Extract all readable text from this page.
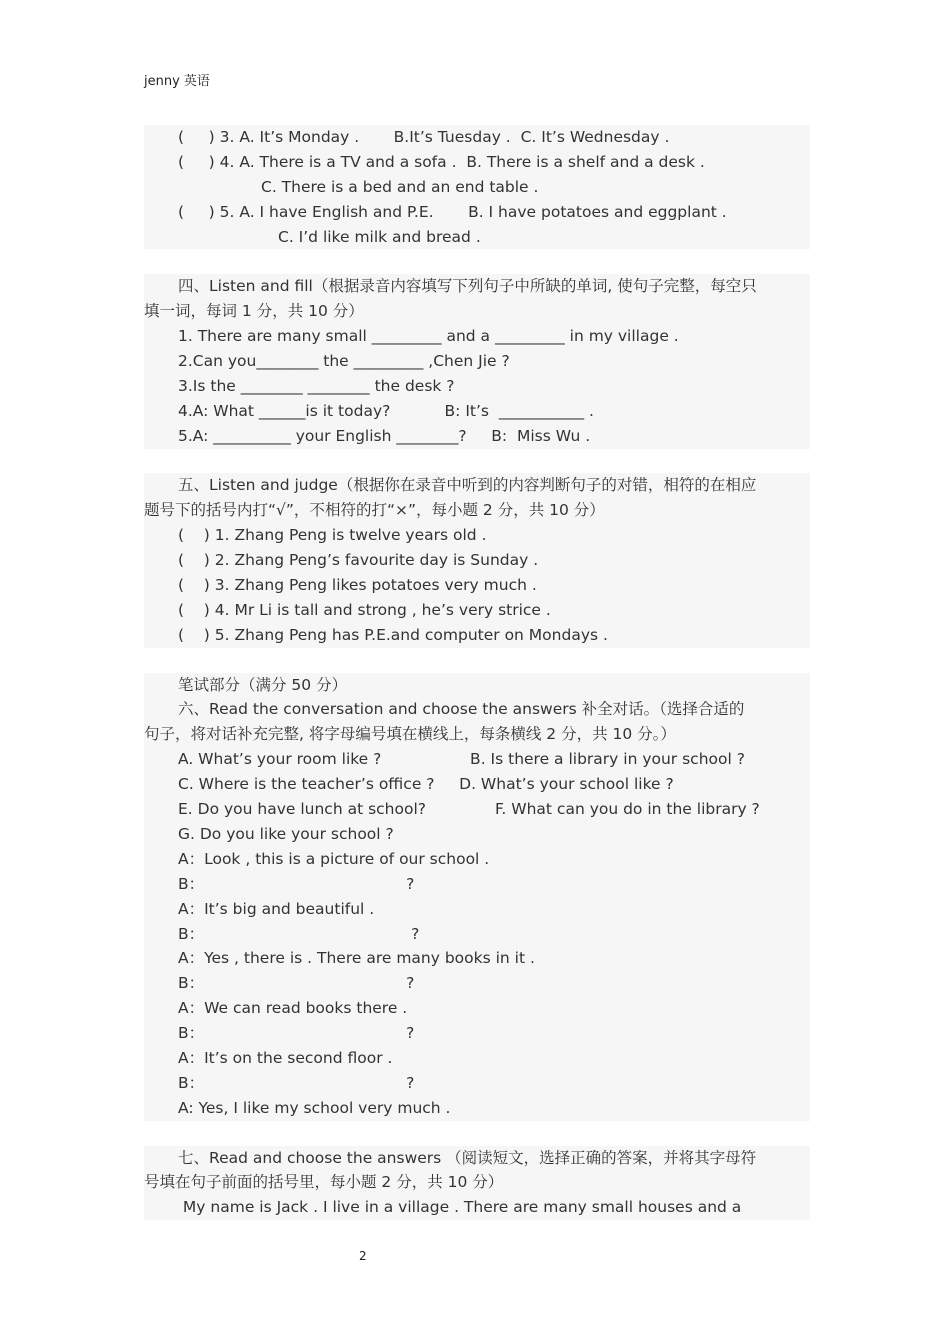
jenny 英语
(     ) 3. A. It’s Monday .       B.It’s Tuesday .  C. It’s Wednesday .
(     ) 4. A. There is a TV and a sofa .  B. There is a shelf and a desk .
C. There is a bed and an end table .
(     ) 5. A. I have English and P.E.       B. I have potatoes and eggplant .
C. I’d like milk and bread .
四、Listen and fill（根据录音内容填写下列句子中所缺的单词, 使句子完整，每空只
填一词，每词 1 分，共 10 分）
1. There are many small _________ and a _________ in my village .
2.Can you________ the _________ ,Chen Jie ?
3.Is the ________ ________ the desk ?
4.A: What ______is it today?           B: It’s  ___________ .
5.A: __________ your English ________?     B:  Miss Wu .
五、Listen and judge（根据你在录音中听到的内容判断句子的对错，相符的在相应
题号下的括号内打“√”，不相符的打“×”，每小题 2 分，共 10 分）
(    ) 1. Zhang Peng is twelve years old .
(    ) 2. Zhang Peng’s favourite day is Sunday .
(    ) 3. Zhang Peng likes potatoes very much .
(    ) 4. Mr Li is tall and strong , he’s very strice .
(    ) 5. Zhang Peng has P.E.and computer on Mondays .
笔试部分（满分 50 分）
六、Read the conversation and choose the answers 补全对话。（选择合适的
句子，将对话补充完整, 将字母编号填在横线上，每条横线 2 分，共 10 分。）
A. What’s your room like ?                  B. Is there a library in your school ?
C. Where is the teacher’s office ?     D. What’s your school like ?
E. Do you have lunch at school?              F. What can you do in the library ?
G. Do you like your school ?
A：Look , this is a picture of our school .
B：                                         ?
A：It’s big and beautiful .
B：                                          ?
A：Yes , there is . There are many books in it .
B：                                         ?
A：We can read books there .
B：                                         ?
A：It’s on the second floor .
B：                                         ?
A: Yes, I like my school very much .
七、Read and choose the answers （阅读短文，选择正确的答案，并将其字母符
号填在句子前面的括号里，每小题 2 分，共 10 分）
My name is Jack . I live in a village . There are many small houses and a
2
